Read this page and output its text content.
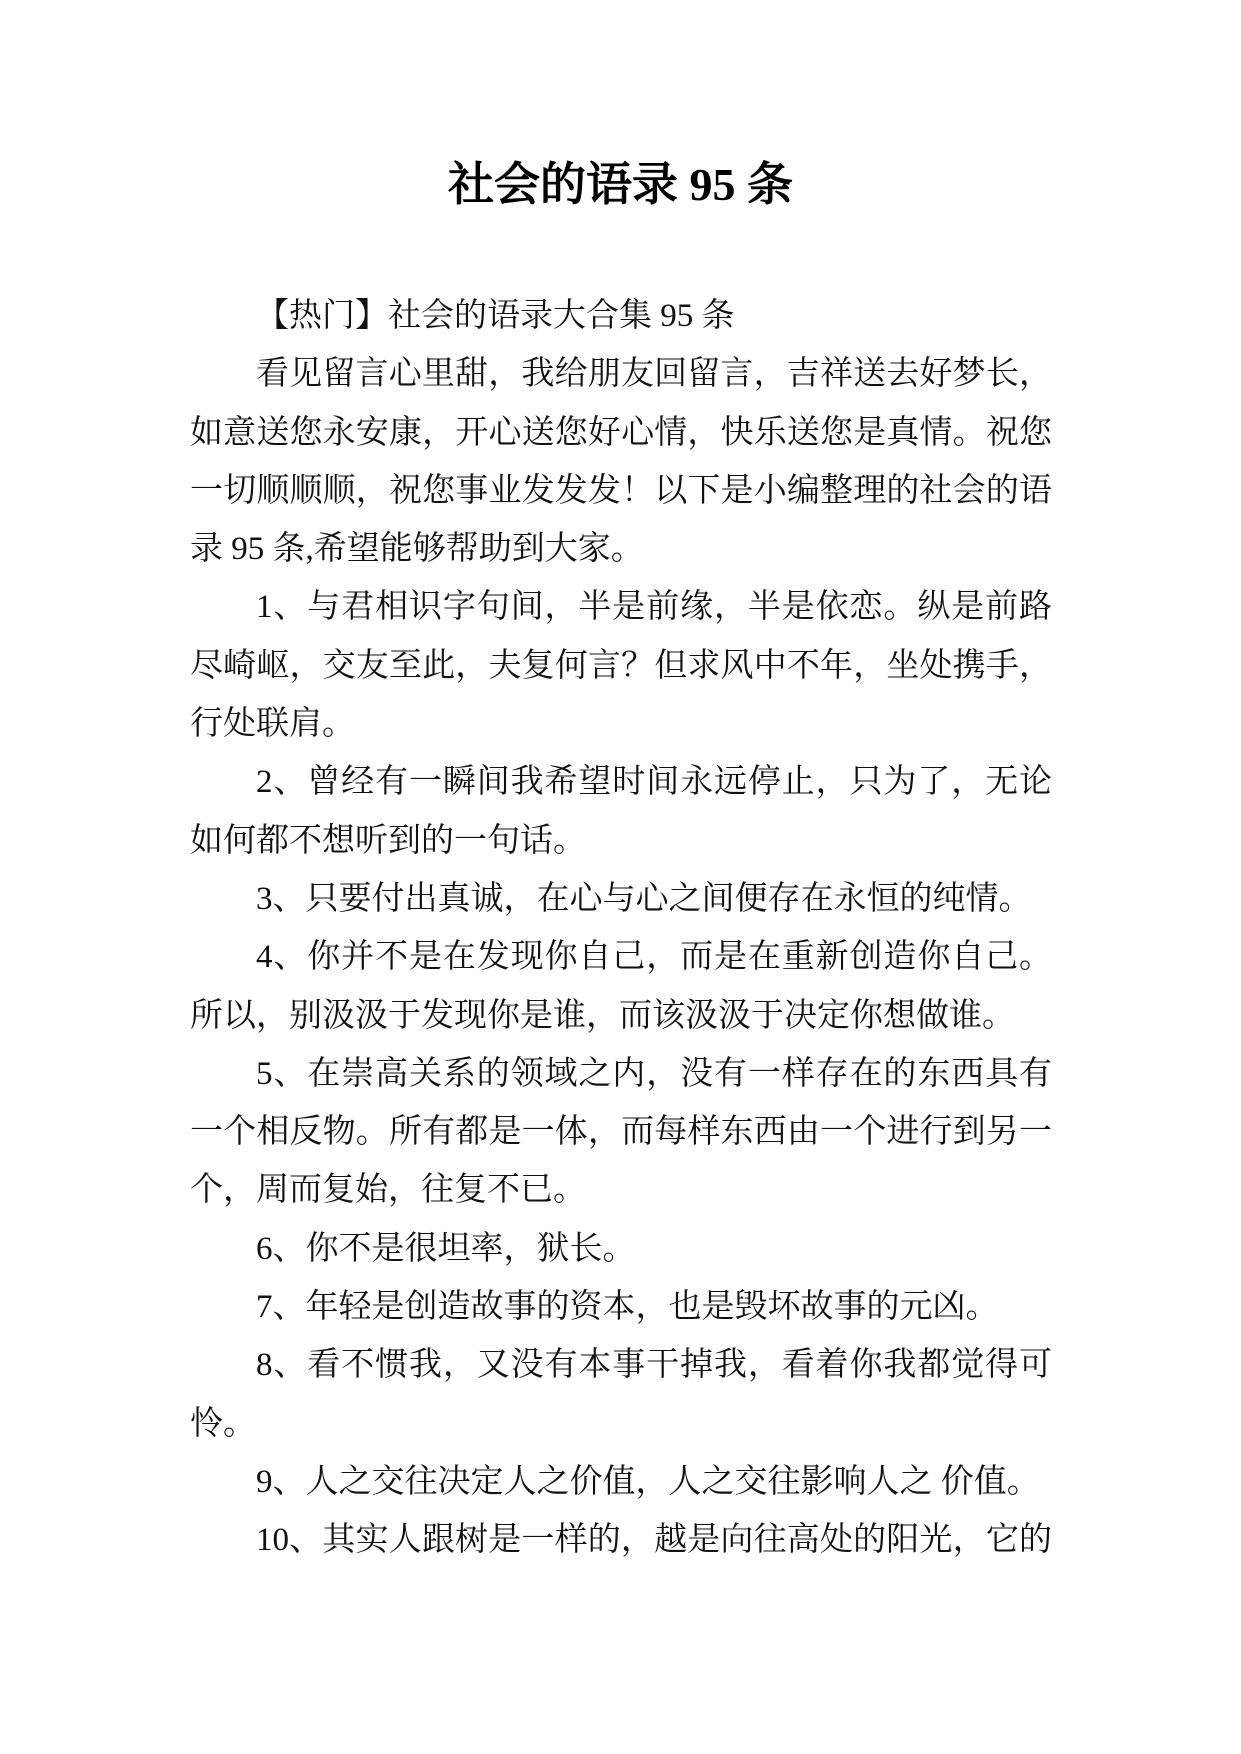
社会的语录 95 条
【热门】社会的语录大合集 95 条
看见留言心里甜，我给朋友回留言，吉祥送去好梦长，
如意送您永安康，开心送您好心情，快乐送您是真情。祝您
一切顺顺顺，祝您事业发发发！以下是小编整理的社会的语
录 95 条,希望能够帮助到大家。
1、与君相识字句间，半是前缘，半是依恋。纵是前路
尽崎岖，交友至此，夫复何言？但求风中不年，坐处携手，
行处联肩。
2、曾经有一瞬间我希望时间永远停止，只为了，无论
如何都不想听到的一句话。
3、只要付出真诚，在心与心之间便存在永恒的纯情。
4、你并不是在发现你自己，而是在重新创造你自己。
所以，别汲汲于发现你是谁，而该汲汲于决定你想做谁。
5、在崇高关系的领域之内，没有一样存在的东西具有
一个相反物。所有都是一体，而每样东西由一个进行到另一
个，周而复始，往复不已。
6、你不是很坦率，狱长。
7、年轻是创造故事的资本，也是毁坏故事的元凶。
8、看不惯我，又没有本事干掉我，看着你我都觉得可
怜。
9、人之交往决定人之价值，人之交往影响人之 价值。
10、其实人跟树是一样的，越是向往高处的阳光，它的
